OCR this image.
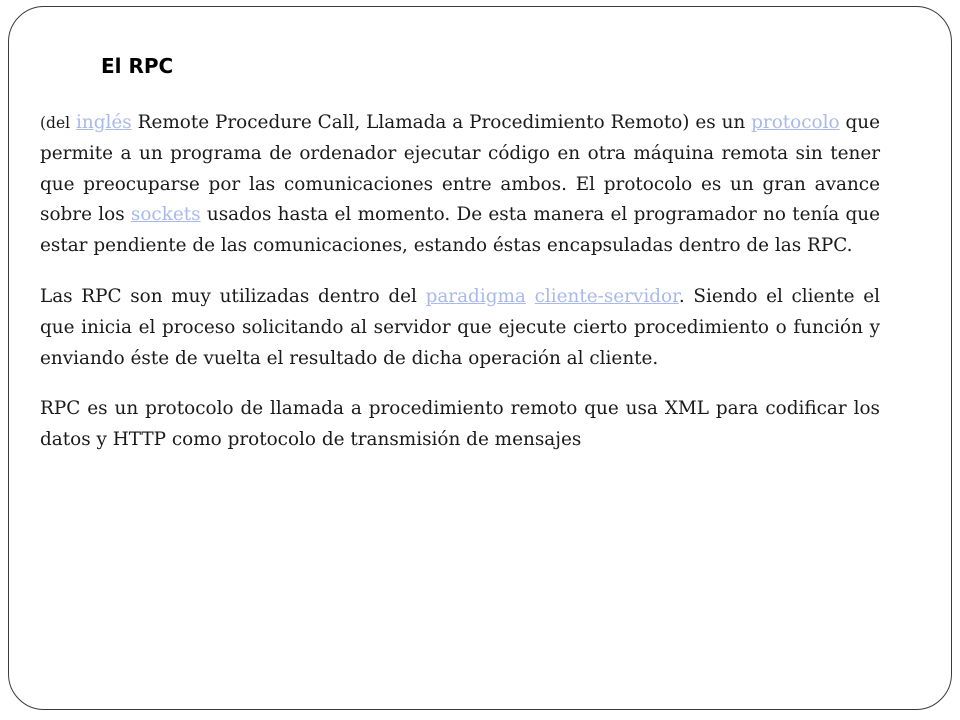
El RPC

(del inglés Remote Procedure Call, Llamada a Procedimiento Remoto) es un protocolo que permite a un programa de ordenador ejecutar código en otra máquina remota sin tener que preocuparse por las comunicaciones entre ambos. El protocolo es un gran avance sobre los sockets usados hasta el momento. De esta manera el programador no tenía que estar pendiente de las comunicaciones, estando éstas encapsuladas dentro de las RPC.

Las RPC son muy utilizadas dentro del paradigma cliente-servidor. Siendo el cliente el que inicia el proceso solicitando al servidor que ejecute cierto procedimiento o función y enviando éste de vuelta el resultado de dicha operación al cliente.

RPC es un protocolo de llamada a procedimiento remoto que usa XML para codificar los datos y HTTP como protocolo de transmisión de mensajes
